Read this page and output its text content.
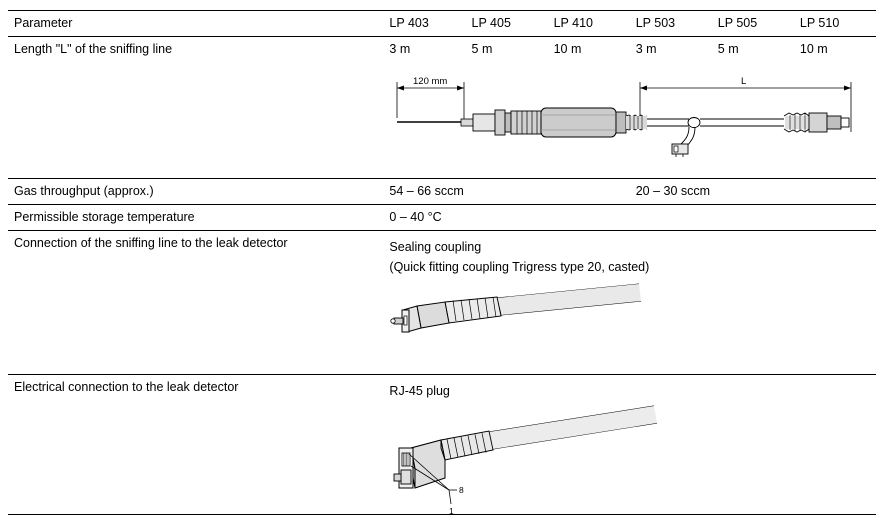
Parameter	LP 403	LP 405	LP 410	LP 503	LP 505	LP 510
Length "L" of the sniffing line	3 m	5 m	10 m	3 m	5 m	10 m

120 mm L					

Gas throughput (approx.)	54 – 66 sccm			20 – 30 sccm		
Permissible storage temperature	0 – 40 °C					
Connection of the sniffing line to the leak detector	Sealing coupling

(Quick fitting coupling Trigress type 20, casted)					

Electrical connection to the leak detector	RJ-45 plug

8
1					
